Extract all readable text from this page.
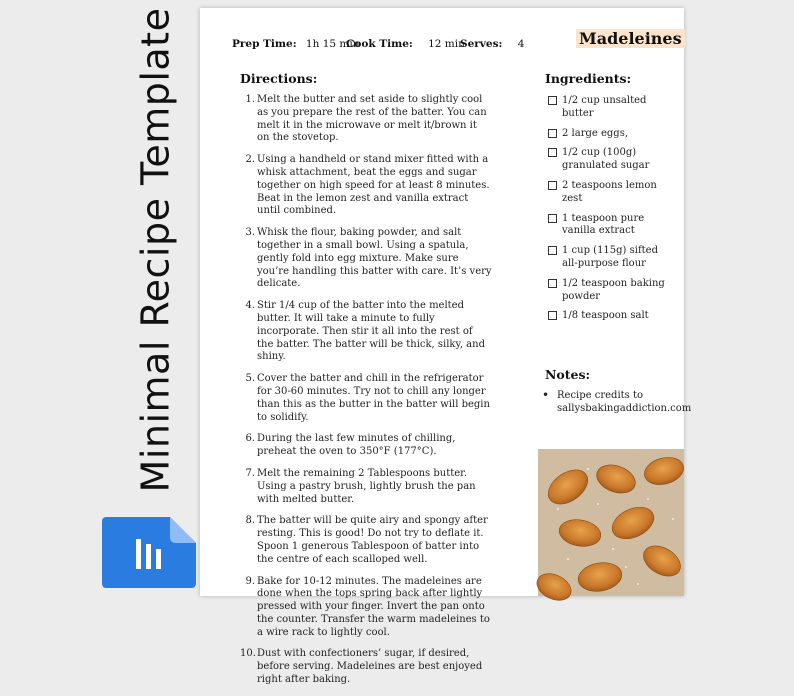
Minimal Recipe Template	Prep Time: 1h 15 min
Cook Time: 12 min
Serves: 4	Madeleines
Directions:
1. Melt the butter and set aside to slightly cool as you prepare the rest of the batter. You can melt it in the microwave or melt it/brown it on the stovetop.
2. Using a handheld or stand mixer fitted with a whisk attachment, beat the eggs and sugar together on high speed for at least 8 minutes. Beat in the lemon zest and vanilla extract until combined.
3. Whisk the flour, baking powder, and salt together in a small bowl. Using a spatula, gently fold into egg mixture. Make sure you’re handling this batter with care. It’s very delicate.
4. Stir 1/4 cup of the batter into the melted butter. It will take a minute to fully incorporate. Then stir it all into the rest of the batter. The batter will be thick, silky, and shiny.
5. Cover the batter and chill in the refrigerator for 30-60 minutes. Try not to chill any longer than this as the butter in the batter will begin to solidify.
6. During the last few minutes of chilling, preheat the oven to 350°F (177°C).
7. Melt the remaining 2 Tablespoons butter. Using a pastry brush, lightly brush the pan with melted butter.
8. The batter will be quite airy and spongy after resting. This is good! Do not try to deflate it. Spoon 1 generous Tablespoon of batter into the centre of each scalloped well.
9. Bake for 10-12 minutes. The madeleines are done when the tops spring back after lightly pressed with your finger. Invert the pan onto the counter. Transfer the warm madeleines to a wire rack to lightly cool.
10. Dust with confectioners’ sugar, if desired, before serving. Madeleines are best enjoyed right after baking.
Ingredients:
1/2 cup unsalted butter
2 large eggs,
1/2 cup (100g) granulated sugar
2 teaspoons lemon zest
1 teaspoon pure vanilla extract
1 cup (115g) sifted all-purpose flour
1/2 teaspoon baking powder
1/8 teaspoon salt
Notes:
• Recipe credits to sallysbakingaddiction.com
